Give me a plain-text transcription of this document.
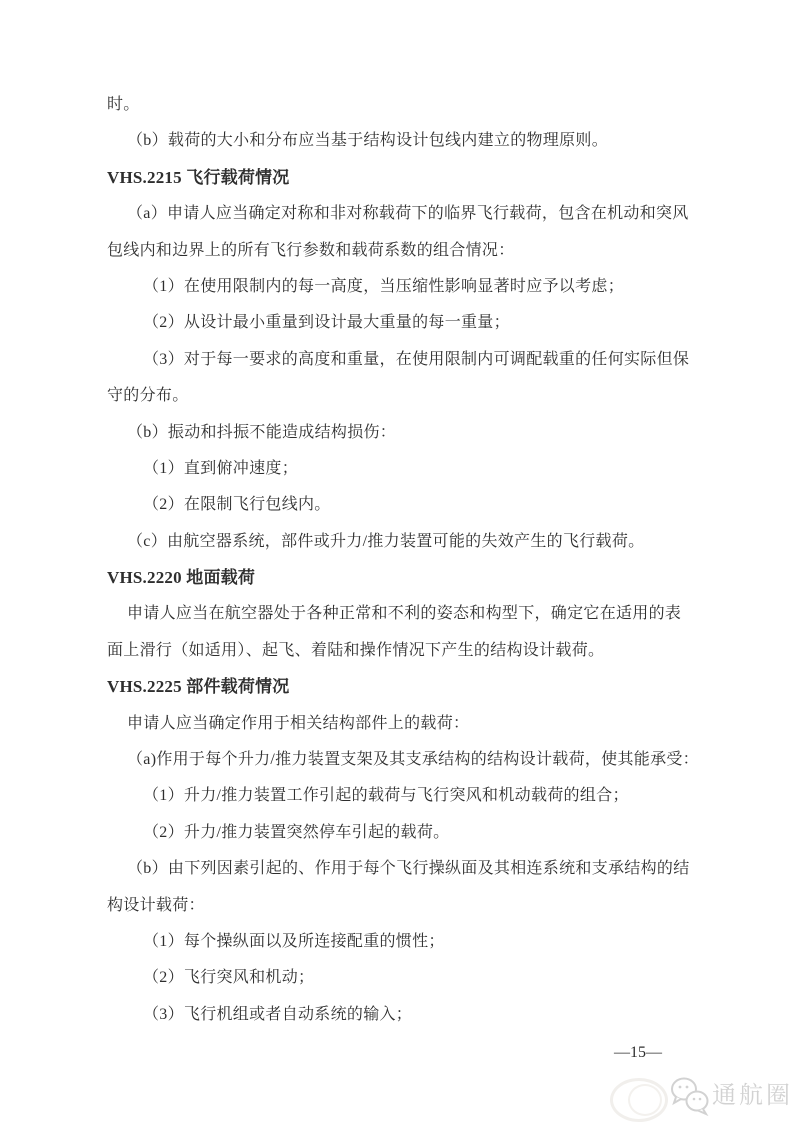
时。
（b）载荷的大小和分布应当基于结构设计包线内建立的物理原则。
VHS.2215 飞行载荷情况
（a）申请人应当确定对称和非对称载荷下的临界飞行载荷，包含在机动和突风
包线内和边界上的所有飞行参数和载荷系数的组合情况：
（1）在使用限制内的每一高度，当压缩性影响显著时应予以考虑；
（2）从设计最小重量到设计最大重量的每一重量；
（3）对于每一要求的高度和重量，在使用限制内可调配载重的任何实际但保
守的分布。
（b）振动和抖振不能造成结构损伤：
（1）直到俯冲速度；
（2）在限制飞行包线内。
（c）由航空器系统，部件或升力/推力装置可能的失效产生的飞行载荷。
VHS.2220 地面载荷
申请人应当在航空器处于各种正常和不利的姿态和构型下，确定它在适用的表
面上滑行（如适用）、起飞、着陆和操作情况下产生的结构设计载荷。
VHS.2225 部件载荷情况
申请人应当确定作用于相关结构部件上的载荷：
（a)作用于每个升力/推力装置支架及其支承结构的结构设计载荷，使其能承受：
（1）升力/推力装置工作引起的载荷与飞行突风和机动载荷的组合；
（2）升力/推力装置突然停车引起的载荷。
（b）由下列因素引起的、作用于每个飞行操纵面及其相连系统和支承结构的结
构设计载荷：
（1）每个操纵面以及所连接配重的惯性；
（2）飞行突风和机动；
（3）飞行机组或者自动系统的输入；
—15—
通航圈
